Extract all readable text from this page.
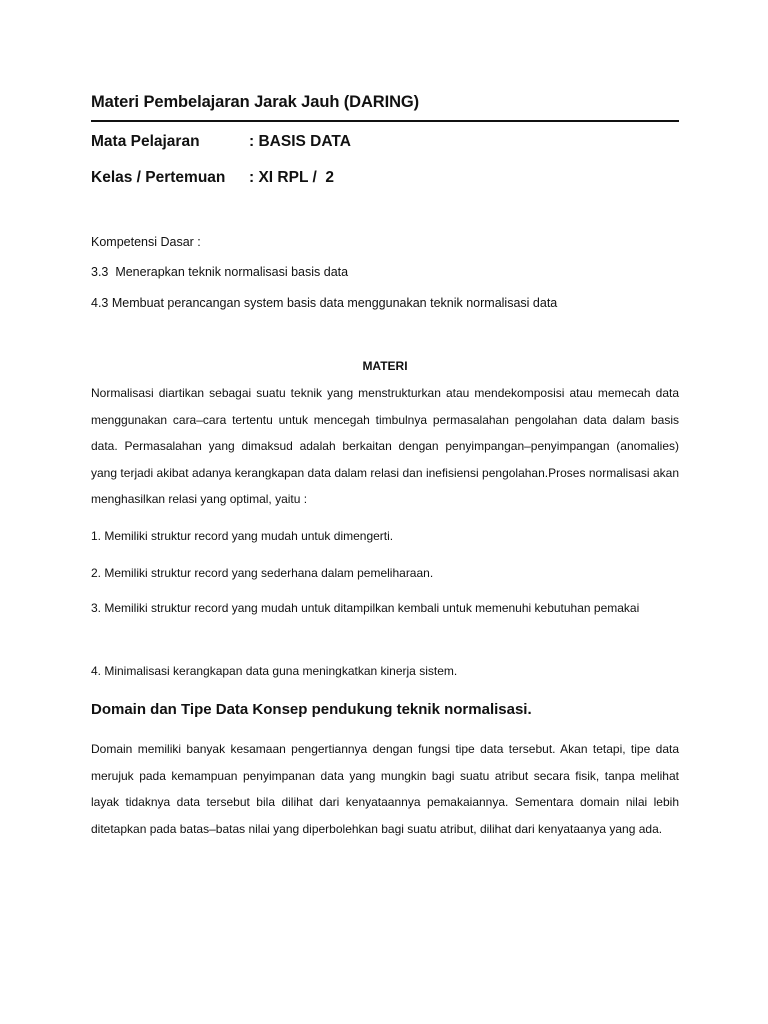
Materi Pembelajaran Jarak Jauh (DARING)
Mata Pelajaran	: BASIS DATA
Kelas / Pertemuan	: XI RPL /  2
Kompetensi Dasar :
3.3  Menerapkan teknik normalisasi basis data
4.3 Membuat perancangan system basis data menggunakan teknik normalisasi data
MATERI
Normalisasi diartikan sebagai suatu teknik yang menstrukturkan atau mendekomposisi atau memecah data menggunakan cara–cara tertentu untuk mencegah timbulnya permasalahan pengolahan data dalam basis data. Permasalahan yang dimaksud adalah berkaitan dengan penyimpangan–penyimpangan (anomalies) yang terjadi akibat adanya kerangkapan data dalam relasi dan inefisiensi pengolahan.Proses normalisasi akan menghasilkan relasi yang optimal, yaitu :
1. Memiliki struktur record yang mudah untuk dimengerti.
2. Memiliki struktur record yang sederhana dalam pemeliharaan.
3. Memiliki struktur record yang mudah untuk ditampilkan kembali untuk memenuhi kebutuhan pemakai
4. Minimalisasi kerangkapan data guna meningkatkan kinerja sistem.
Domain dan Tipe Data Konsep pendukung teknik normalisasi.
Domain memiliki banyak kesamaan pengertiannya dengan fungsi tipe data tersebut. Akan tetapi, tipe data merujuk pada kemampuan penyimpanan data yang mungkin bagi suatu atribut secara fisik, tanpa melihat layak tidaknya data tersebut bila dilihat dari kenyataannya pemakaiannya. Sementara domain nilai lebih ditetapkan pada batas–batas nilai yang diperbolehkan bagi suatu atribut, dilihat dari kenyataanya yang ada.
